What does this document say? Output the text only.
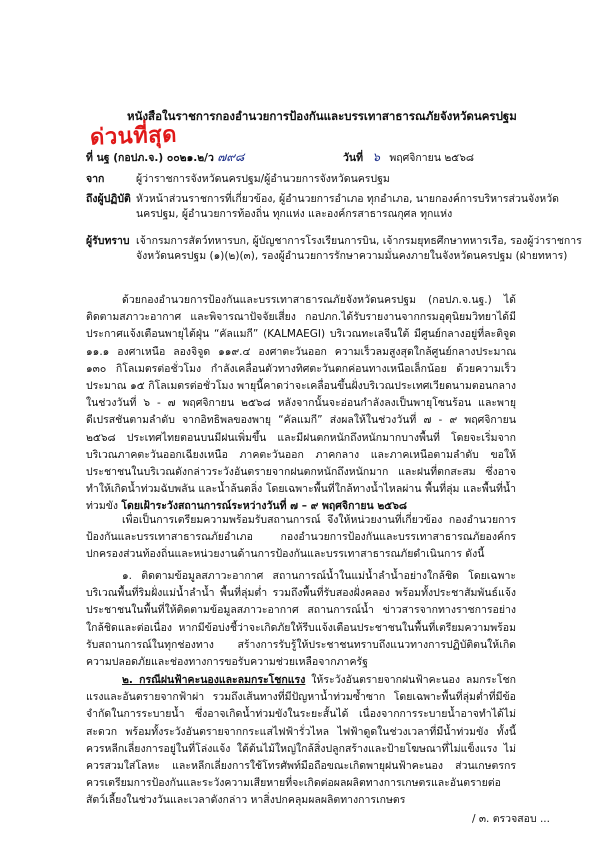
หนังสือในราชการกองอำนวยการป้องกันและบรรเทาสาธารณภัยจังหวัดนครปฐม
ด่วนที่สุด
ที่ นฐ (กอปภ.จ.) ๐๐๒๑.๒/ว ๗๙๘	วันที่ ๖ พฤศจิกายน ๒๕๖๘
จาก	ผู้ว่าราชการจังหวัดนครปฐม/ผู้อำนวยการจังหวัดนครปฐม
ถึงผู้ปฏิบัติ หัวหน้าส่วนราชการที่เกี่ยวข้อง, ผู้อำนวยการอำเภอ ทุกอำเภอ, นายกองค์การบริหารส่วนจังหวัดนครปฐม, ผู้อำนวยการท้องถิ่น ทุกแห่ง และองค์กรสาธารณกุศล ทุกแห่ง
ผู้รับทราบ เจ้ากรมการสัตว์ทหารบก, ผู้บัญชาการโรงเรียนการบิน, เจ้ากรมยุทธศึกษาทหารเรือ, รองผู้ว่าราชการจังหวัดนครปฐม (๑)(๒)(๓), รองผู้อำนวยการรักษาความมั่นคงภายในจังหวัดนครปฐม (ฝ่ายทหาร)
ด้วยกองอำนวยการป้องกันและบรรเทาสาธารณภัยจังหวัดนครปฐม (กอปภ.จ.นฐ.) ได้ติดตามสภาวะอากาศ และพิจารณาปัจจัยเสี่ยง กอปภก.ได้รับรายงานจากกรมอุตุนิยมวิทยาได้มีประกาศแจ้งเตือนพายุไต้ฝุ่น “คัลแมกี” (KALMAEGI) บริเวณทะเลจีนใต้ มีศูนย์กลางอยู่ที่ละติจูด ๑๑.๑ องศาเหนือ ลองจิจูด ๑๑๙.๔ องศาตะวันออก ความเร็วลมสูงสุดใกล้ศูนย์กลางประมาณ ๑๓๐ กิโลเมตรต่อชั่วโมง กำลังเคลื่อนตัวทางทิศตะวันตกค่อนทางเหนือเล็กน้อย ด้วยความเร็วประมาณ ๑๕ กิโลเมตรต่อชั่วโมง พายุนี้คาดว่าจะเคลื่อนขึ้นฝั่งบริเวณประเทศเวียดนามตอนกลาง ในช่วงวันที่ ๖ - ๗ พฤศจิกายน ๒๕๖๘ หลังจากนั้นจะอ่อนกำลังลงเป็นพายุโซนร้อน และพายุดีเปรสชันตามลำดับ จากอิทธิพลของพายุ “คัลแมกี” ส่งผลให้ในช่วงวันที่ ๗ - ๙ พฤศจิกายน ๒๕๖๘ ประเทศไทยตอนบนมีฝนเพิ่มขึ้น และมีฝนตกหนักถึงหนักมากบางพื้นที่ โดยจะเริ่มจากบริเวณภาคตะวันออกเฉียงเหนือ ภาคตะวันออก ภาคกลาง และภาคเหนือตามลำดับ ขอให้ประชาชนในบริเวณดังกล่าวระวังอันตรายจากฝนตกหนักถึงหนักมาก และฝนที่ตกสะสม ซึ่งอาจทำให้เกิดน้ำท่วมฉับพลัน และน้ำล้นตลิ่ง โดยเฉพาะพื้นที่ใกล้ทางน้ำไหลผ่าน พื้นที่ลุ่ม และพื้นที่น้ำท่วมขัง โดยเฝ้าระวังสถานการณ์ระหว่างวันที่ ๗ – ๙ พฤศจิกายน ๒๕๖๘
เพื่อเป็นการเตรียมความพร้อมรับสถานการณ์ จึงให้หน่วยงานที่เกี่ยวข้อง กองอำนวยการป้องกันและบรรเทาสาธารณภัยอำเภอ กองอำนวยการป้องกันและบรรเทาสาธารณภัยองค์กรปกครองส่วนท้องถิ่นและหน่วยงานด้านการป้องกันและบรรเทาสาธารณภัยดำเนินการ ดังนี้
๑. ติดตามข้อมูลสภาวะอากาศ สถานการณ์น้ำในแม่น้ำลำน้ำอย่างใกล้ชิด โดยเฉพาะบริเวณพื้นที่ริมฝั่งแม่น้ำลำน้ำ พื้นที่ลุ่มต่ำ รวมถึงพื้นที่รับสองฝั่งคลอง พร้อมทั้งประชาสัมพันธ์แจ้งประชาชนในพื้นที่ให้ติดตามข้อมูลสภาวะอากาศ สถานการณ์น้ำ ข่าวสารจากทางราชการอย่างใกล้ชิดและต่อเนื่อง หากมีข้อบ่งชี้ว่าจะเกิดภัยให้รีบแจ้งเตือนประชาชนในพื้นที่เตรียมความพร้อมรับสถานการณ์ในทุกช่องทาง สร้างการรับรู้ให้ประชาชนทราบถึงแนวทางการปฏิบัติตนให้เกิดความปลอดภัยและช่องทางการขอรับความช่วยเหลือจากภาครัฐ
๒. กรณีฝนฟ้าคะนองและลมกระโชกแรง ให้ระวังอันตรายจากฝนฟ้าคะนอง ลมกระโชกแรงและอันตรายจากฟ้าผ่า รวมถึงเส้นทางที่มีปัญหาน้ำท่วมซ้ำซาก โดยเฉพาะพื้นที่ลุ่มต่ำที่มีข้อจำกัดในการระบายน้ำ ซึ่งอาจเกิดน้ำท่วมขังในระยะสั้นได้ เนื่องจากการระบายน้ำอาจทำได้ไม่สะดวก พร้อมทั้งระวังอันตรายจากกระแสไฟฟ้ารั่วไหล ไฟฟ้าดูดในช่วงเวลาที่มีน้ำท่วมขัง ทั้งนี้ควรหลีกเลี่ยงการอยู่ในที่โล่งแจ้ง ใต้ต้นไม้ใหญ่ใกล้สิ่งปลูกสร้างและป้ายโฆษณาที่ไม่แข็งแรง ไม่ควรสวมใส่โลหะ และหลีกเลี่ยงการใช้โทรศัพท์มือถือขณะเกิดพายุฝนฟ้าคะนอง ส่วนเกษตรกรควรเตรียมการป้องกันและระวังความเสียหายที่จะเกิดต่อผลผลิตทางการเกษตรและอันตรายต่อสัตว์เลี้ยงในช่วงวันและเวลาดังกล่าว หาสิ่งปกคลุมผลผลิตทางการเกษตร
/ ๓. ตรวจสอบ ...
